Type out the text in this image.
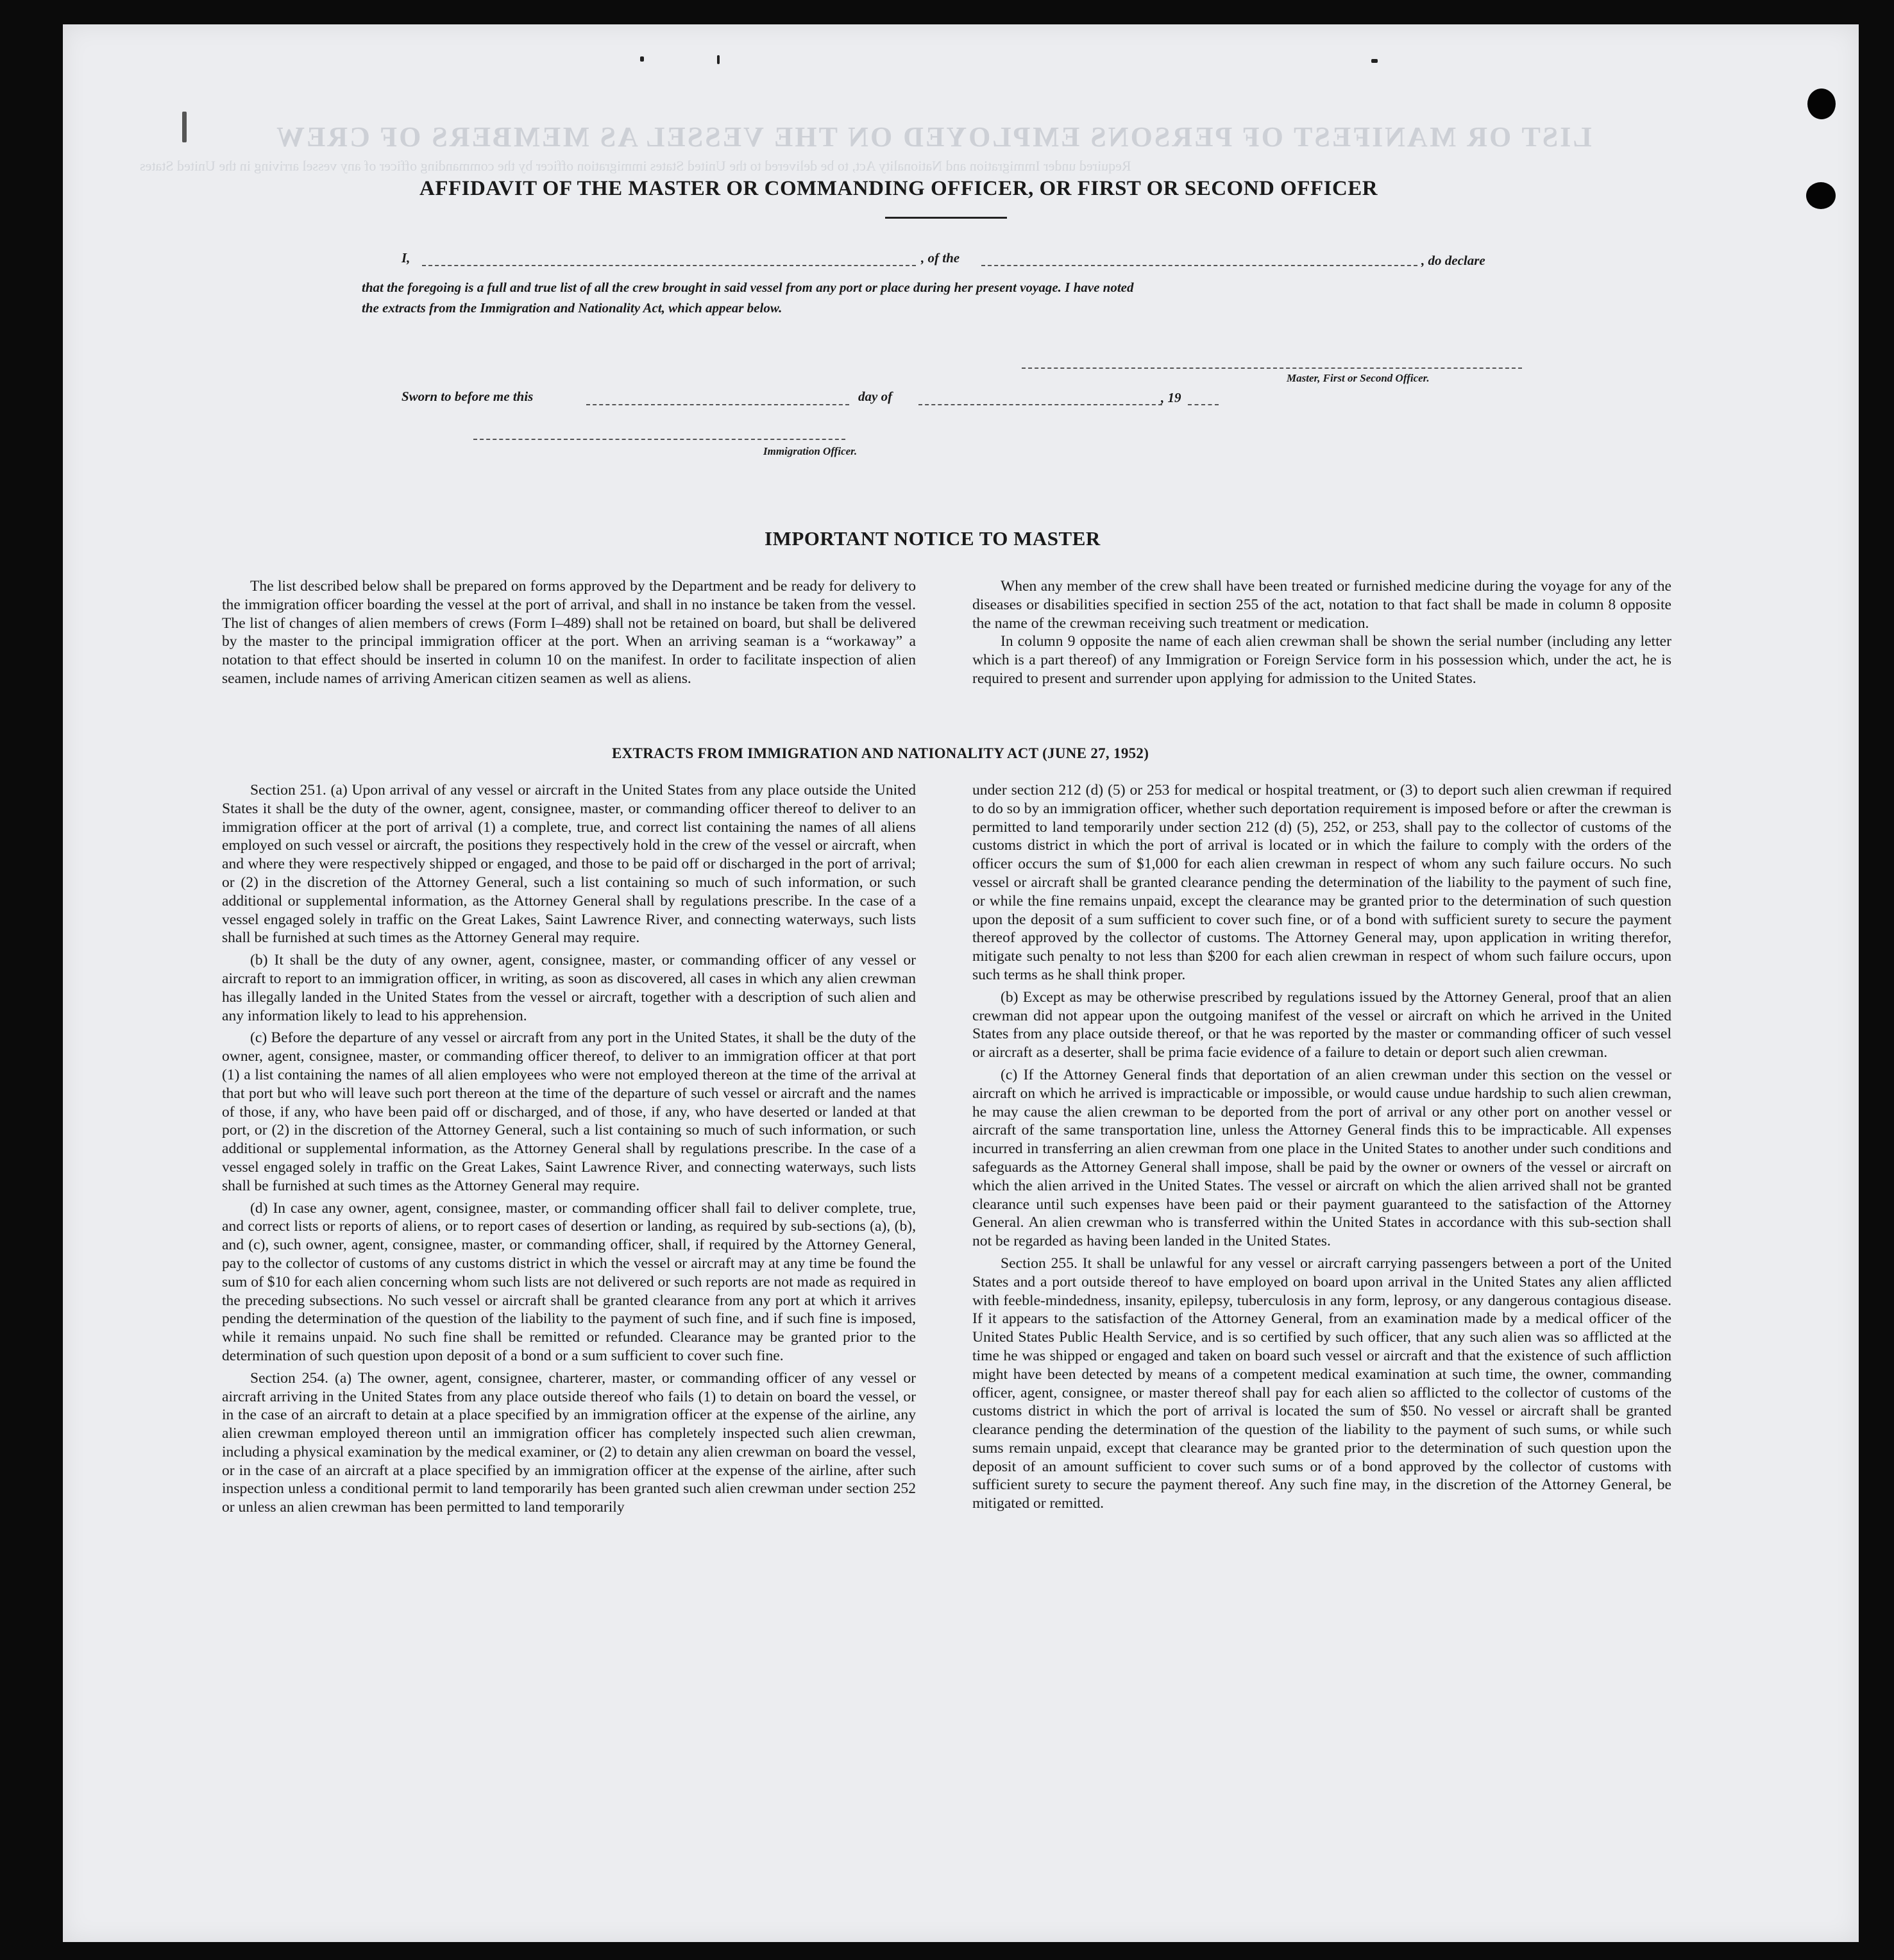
LIST OR MANIFEST OF PERSONS EMPLOYED ON THE VESSEL AS MEMBERS OF CREW
Required under Immigration and Nationality Act, to be delivered to the United States immigration officer by the commanding officer of any vessel arriving in the United States
AFFIDAVIT OF THE MASTER OR COMMANDING OFFICER, OR FIRST OR SECOND OFFICER
I,	, of the	, do declare
that the foregoing is a full and true list of all the crew brought in said vessel from any port or place during her present voyage. I have noted
the extracts from the Immigration and Nationality Act, which appear below.
Master, First or Second Officer.
Sworn to before me this	day of	, 19
Immigration Officer.
IMPORTANT NOTICE TO MASTER

The list described below shall be prepared on forms approved by the Department and be ready for delivery to the immigration officer boarding the vessel at the port of arrival, and shall in no instance be taken from the vessel. The list of changes of alien members of crews (Form I–489) shall not be retained on board, but shall be delivered by the master to the principal immigration officer at the port. When an arriving seaman is a “workaway” a notation to that effect should be inserted in column 10 on the manifest. In order to facilitate inspection of alien seamen, include names of arriving American citizen seamen as well as aliens.

When any member of the crew shall have been treated or furnished medicine during the voyage for any of the diseases or disabilities specified in section 255 of the act, notation to that fact shall be made in column 8 opposite the name of the crewman receiving such treatment or medication.

In column 9 opposite the name of each alien crewman shall be shown the serial number (including any letter which is a part thereof) of any Immigration or Foreign Service form in his possession which, under the act, he is required to present and surrender upon applying for admission to the United States.

EXTRACTS FROM IMMIGRATION AND NATIONALITY ACT (JUNE 27, 1952)

Section 251. (a) Upon arrival of any vessel or aircraft in the United States from any place outside the United States it shall be the duty of the owner, agent, consignee, master, or commanding officer thereof to deliver to an immigration officer at the port of arrival (1) a complete, true, and correct list containing the names of all aliens employed on such vessel or aircraft, the positions they respectively hold in the crew of the vessel or aircraft, when and where they were respectively shipped or engaged, and those to be paid off or discharged in the port of arrival; or (2) in the discretion of the Attorney General, such a list containing so much of such information, or such additional or supplemental information, as the Attorney General shall by regulations prescribe. In the case of a vessel engaged solely in traffic on the Great Lakes, Saint Lawrence River, and connecting waterways, such lists shall be furnished at such times as the Attorney General may require.

(b) It shall be the duty of any owner, agent, consignee, master, or commanding officer of any vessel or aircraft to report to an immigration officer, in writing, as soon as discovered, all cases in which any alien crewman has illegally landed in the United States from the vessel or aircraft, together with a description of such alien and any information likely to lead to his apprehension.

(c) Before the departure of any vessel or aircraft from any port in the United States, it shall be the duty of the owner, agent, consignee, master, or commanding officer thereof, to deliver to an immigration officer at that port (1) a list containing the names of all alien employees who were not employed thereon at the time of the arrival at that port but who will leave such port thereon at the time of the departure of such vessel or aircraft and the names of those, if any, who have been paid off or discharged, and of those, if any, who have deserted or landed at that port, or (2) in the discretion of the Attorney General, such a list containing so much of such information, or such additional or supplemental information, as the Attorney General shall by regulations prescribe. In the case of a vessel engaged solely in traffic on the Great Lakes, Saint Lawrence River, and connecting waterways, such lists shall be furnished at such times as the Attorney General may require.

(d) In case any owner, agent, consignee, master, or commanding officer shall fail to deliver complete, true, and correct lists or reports of aliens, or to report cases of desertion or landing, as required by sub-sections (a), (b), and (c), such owner, agent, consignee, master, or commanding officer, shall, if required by the Attorney General, pay to the collector of customs of any customs district in which the vessel or aircraft may at any time be found the sum of $10 for each alien concerning whom such lists are not delivered or such reports are not made as required in the preceding subsections. No such vessel or aircraft shall be granted clearance from any port at which it arrives pending the determination of the question of the liability to the payment of such fine, and if such fine is imposed, while it remains unpaid. No such fine shall be remitted or refunded. Clearance may be granted prior to the determination of such question upon deposit of a bond or a sum sufficient to cover such fine.

Section 254. (a) The owner, agent, consignee, charterer, master, or commanding officer of any vessel or aircraft arriving in the United States from any place outside thereof who fails (1) to detain on board the vessel, or in the case of an aircraft to detain at a place specified by an immigration officer at the expense of the airline, any alien crewman employed thereon until an immigration officer has completely inspected such alien crewman, including a physical examination by the medical examiner, or (2) to detain any alien crewman on board the vessel, or in the case of an aircraft at a place specified by an immigration officer at the expense of the airline, after such inspection unless a conditional permit to land temporarily has been granted such alien crewman under section 252 or unless an alien crewman has been permitted to land temporarily

under section 212 (d) (5) or 253 for medical or hospital treatment, or (3) to deport such alien crewman if required to do so by an immigration officer, whether such deportation requirement is imposed before or after the crewman is permitted to land temporarily under section 212 (d) (5), 252, or 253, shall pay to the collector of customs of the customs district in which the port of arrival is located or in which the failure to comply with the orders of the officer occurs the sum of $1,000 for each alien crewman in respect of whom any such failure occurs. No such vessel or aircraft shall be granted clearance pending the determination of the liability to the payment of such fine, or while the fine remains unpaid, except the clearance may be granted prior to the determination of such question upon the deposit of a sum sufficient to cover such fine, or of a bond with sufficient surety to secure the payment thereof approved by the collector of customs. The Attorney General may, upon application in writing therefor, mitigate such penalty to not less than $200 for each alien crewman in respect of whom such failure occurs, upon such terms as he shall think proper.

(b) Except as may be otherwise prescribed by regulations issued by the Attorney General, proof that an alien crewman did not appear upon the outgoing manifest of the vessel or aircraft on which he arrived in the United States from any place outside thereof, or that he was reported by the master or commanding officer of such vessel or aircraft as a deserter, shall be prima facie evidence of a failure to detain or deport such alien crewman.

(c) If the Attorney General finds that deportation of an alien crewman under this section on the vessel or aircraft on which he arrived is impracticable or impossible, or would cause undue hardship to such alien crewman, he may cause the alien crewman to be deported from the port of arrival or any other port on another vessel or aircraft of the same transportation line, unless the Attorney General finds this to be impracticable. All expenses incurred in transferring an alien crewman from one place in the United States to another under such conditions and safeguards as the Attorney General shall impose, shall be paid by the owner or owners of the vessel or aircraft on which the alien arrived in the United States. The vessel or aircraft on which the alien arrived shall not be granted clearance until such expenses have been paid or their payment guaranteed to the satisfaction of the Attorney General. An alien crewman who is transferred within the United States in accordance with this sub-section shall not be regarded as having been landed in the United States.

Section 255. It shall be unlawful for any vessel or aircraft carrying passengers between a port of the United States and a port outside thereof to have employed on board upon arrival in the United States any alien afflicted with feeble-mindedness, insanity, epilepsy, tuberculosis in any form, leprosy, or any dangerous contagious disease. If it appears to the satisfaction of the Attorney General, from an examination made by a medical officer of the United States Public Health Service, and is so certified by such officer, that any such alien was so afflicted at the time he was shipped or engaged and taken on board such vessel or aircraft and that the existence of such affliction might have been detected by means of a competent medical examination at such time, the owner, commanding officer, agent, consignee, or master thereof shall pay for each alien so afflicted to the collector of customs of the customs district in which the port of arrival is located the sum of $50. No vessel or aircraft shall be granted clearance pending the determination of the question of the liability to the payment of such sums, or while such sums remain unpaid, except that clearance may be granted prior to the determination of such question upon the deposit of an amount sufficient to cover such sums or of a bond approved by the collector of customs with sufficient surety to secure the payment thereof. Any such fine may, in the discretion of the Attorney General, be mitigated or remitted.
